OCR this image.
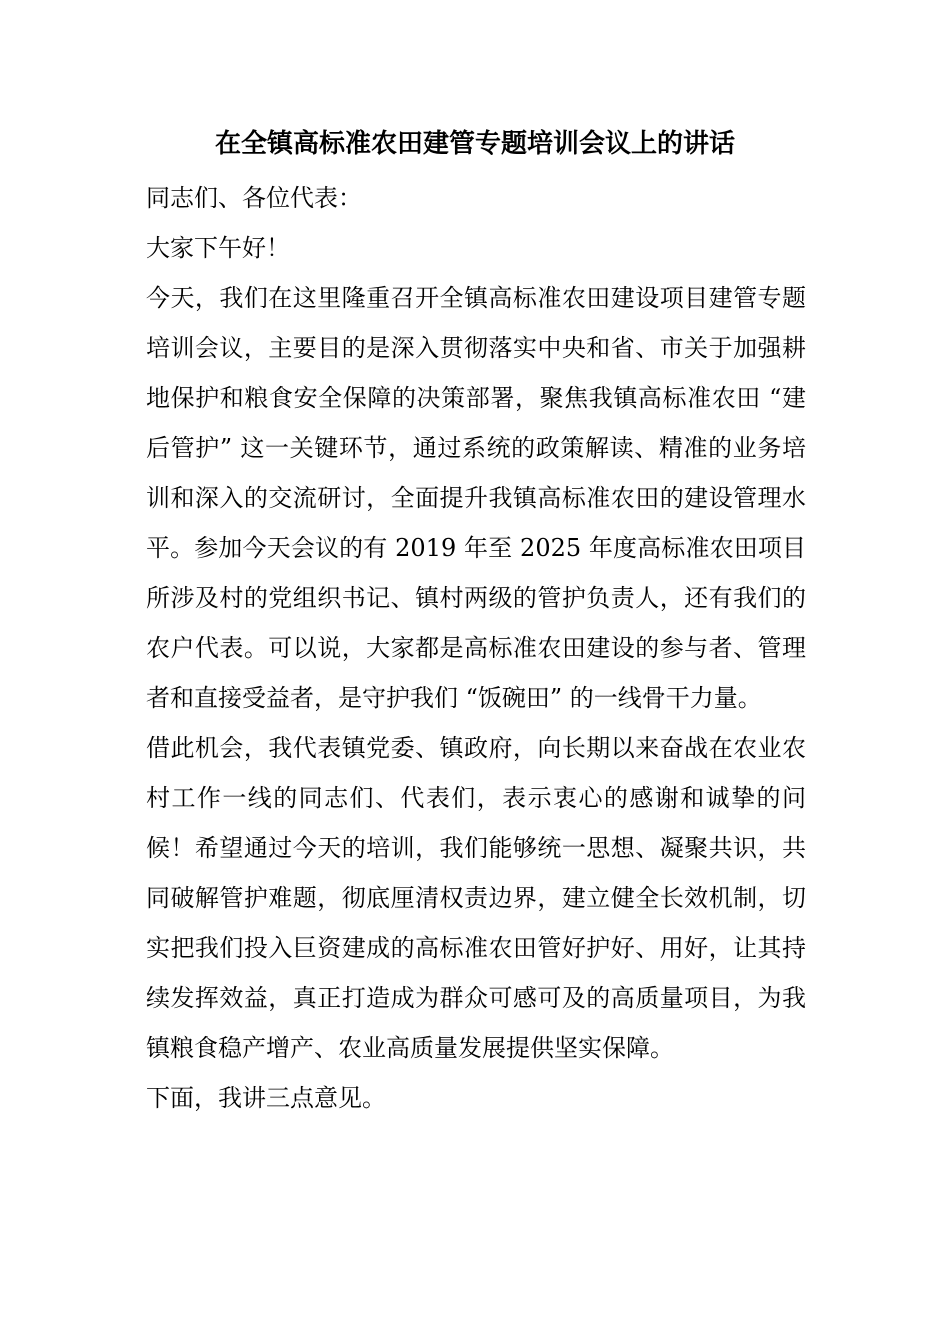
在全镇高标准农田建管专题培训会议上的讲话

同志们、各位代表：

大家下午好！

今天，我们在这里隆重召开全镇高标准农田建设项目建管专题培训会议，主要目的是深入贯彻落实中央和省、市关于加强耕地保护和粮食安全保障的决策部署，聚焦我镇高标准农田 “建后管护” 这一关键环节，通过系统的政策解读、精准的业务培训和深入的交流研讨，全面提升我镇高标准农田的建设管理水平。参加今天会议的有 2019 年至 2025 年度高标准农田项目所涉及村的党组织书记、镇村两级的管护负责人，还有我们的农户代表。可以说，大家都是高标准农田建设的参与者、管理者和直接受益者，是守护我们 “饭碗田” 的一线骨干力量。

借此机会，我代表镇党委、镇政府，向长期以来奋战在农业农村工作一线的同志们、代表们，表示衷心的感谢和诚挚的问候！希望通过今天的培训，我们能够统一思想、凝聚共识，共同破解管护难题，彻底厘清权责边界，建立健全长效机制，切实把我们投入巨资建成的高标准农田管好护好、用好，让其持续发挥效益，真正打造成为群众可感可及的高质量项目，为我镇粮食稳产增产、农业高质量发展提供坚实保障。

下面，我讲三点意见。
